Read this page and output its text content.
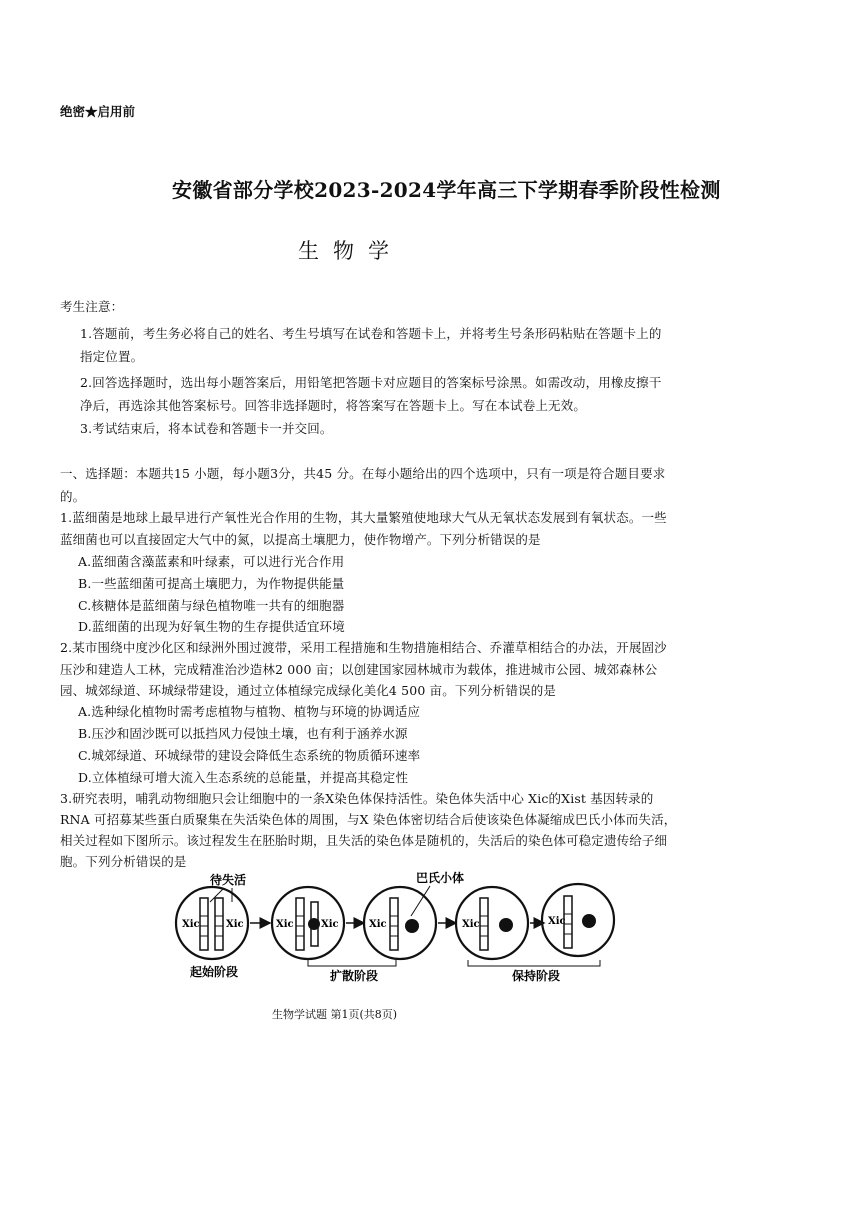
绝密★启用前
安徽省部分学校2023-2024学年高三下学期春季阶段性检测
生物学
考生注意：
1.答题前，考生务必将自己的姓名、考生号填写在试卷和答题卡上，并将考生号条形码粘贴在答题卡上的
指定位置。
2.回答选择题时，选出每小题答案后，用铅笔把答题卡对应题目的答案标号涂黑。如需改动，用橡皮擦干
净后，再选涂其他答案标号。回答非选择题时，将答案写在答题卡上。写在本试卷上无效。
3.考试结束后，将本试卷和答题卡一并交回。
一、选择题：本题共15 小题，每小题3分，共45 分。在每小题给出的四个选项中，只有一项是符合题目要求
的。
1.蓝细菌是地球上最早进行产氧性光合作用的生物，其大量繁殖使地球大气从无氧状态发展到有氧状态。一些
蓝细菌也可以直接固定大气中的氮，以提高土壤肥力，使作物增产。下列分析错误的是
A.蓝细菌含藻蓝素和叶绿素，可以进行光合作用
B.一些蓝细菌可提高土壤肥力，为作物提供能量
C.核糖体是蓝细菌与绿色植物唯一共有的细胞器
D.蓝细菌的出现为好氧生物的生存提供适宜环境
2.某市围绕中度沙化区和绿洲外围过渡带，采用工程措施和生物措施相结合、乔灌草相结合的办法，开展固沙
压沙和建造人工林，完成精准治沙造林2 000 亩；以创建国家园林城市为载体，推进城市公园、城郊森林公
园、城郊绿道、环城绿带建设，通过立体植绿完成绿化美化4 500 亩。下列分析错误的是
A.选种绿化植物时需考虑植物与植物、植物与环境的协调适应
B.压沙和固沙既可以抵挡风力侵蚀土壤，也有利于涵养水源
C.城郊绿道、环城绿带的建设会降低生态系统的物质循环速率
D.立体植绿可增大流入生态系统的总能量，并提高其稳定性
3.研究表明，哺乳动物细胞只会让细胞中的一条X染色体保持活性。染色体失活中心 Xic的Xist 基因转录的
RNA 可招募某些蛋白质聚集在失活染色体的周围，与X 染色体密切结合后使该染色体凝缩成巴氏小体而失活，
相关过程如下图所示。该过程发生在胚胎时期，且失活的染色体是随机的，失活后的染色体可稳定遗传给子细
胞。下列分析错误的是
待失活	巴氏小体
Xic	Xic	Xic	Xic	Xic	Xic	Xic
起始阶段	扩散阶段	保持阶段
生物学试题 第1页(共8页)
